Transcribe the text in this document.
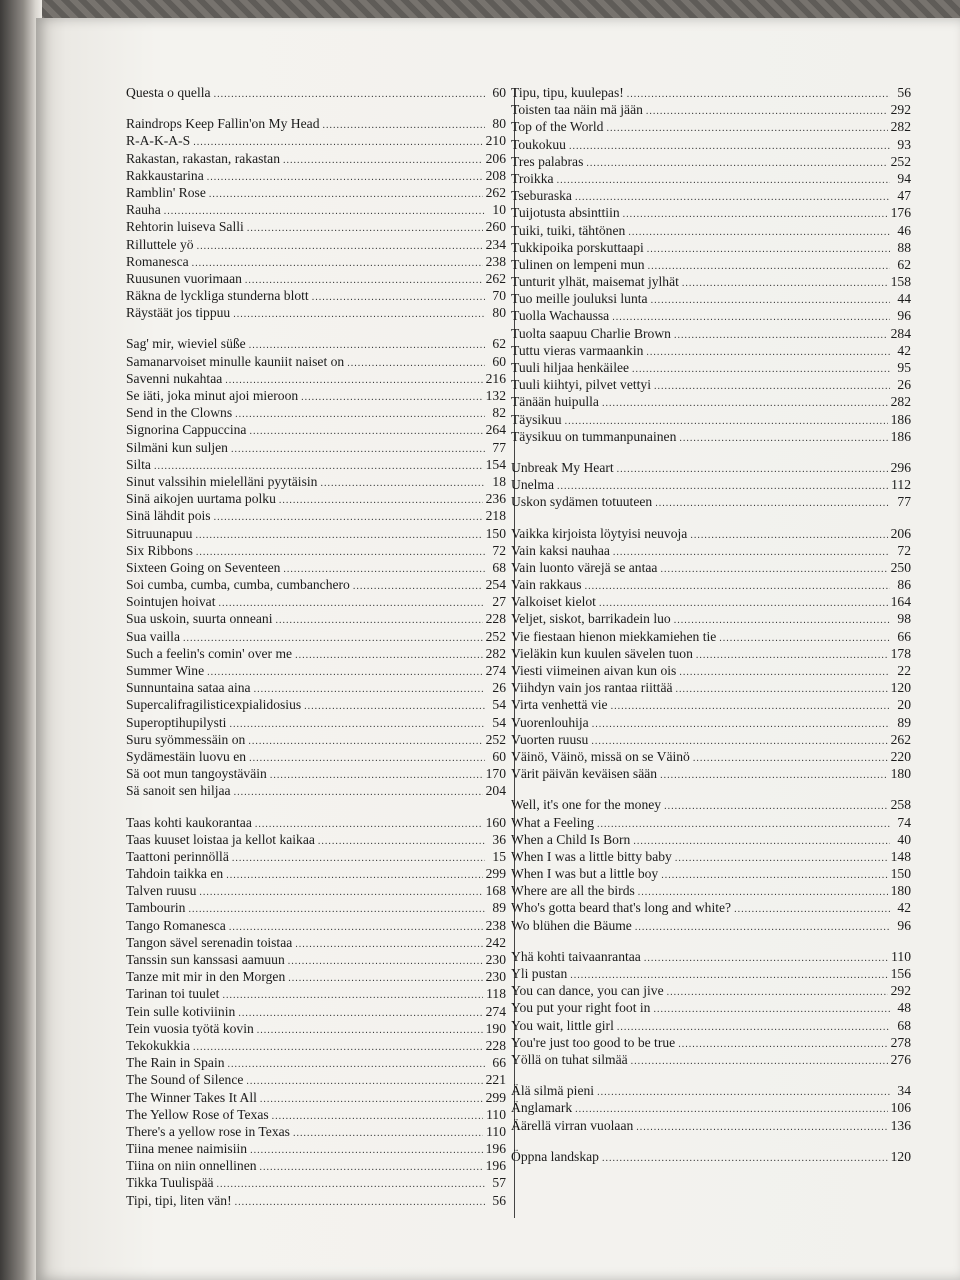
Questa o quella .....	60
Raindrops Keep Fallin'on My Head .....	80
R-A-K-A-S .....	210
Rakastan, rakastan, rakastan .....	206
Rakkaustarina .....	208
Ramblin' Rose .....	262
Rauha .....	10
Rehtorin luiseva Salli .....	260
Rilluttele yö .....	234
Romanesca .....	238
Ruusunen vuorimaan .....	262
Räkna de lyckliga stunderna blott .....	70
Räystäät jos tippuu .....	80
Sag' mir, wieviel süße .....	62
Samanarvoiset minulle kauniit naiset on .....	60
Savenni nukahtaa .....	216
Se iäti, joka minut ajoi mieroon .....	132
Send in the Clowns .....	82
Signorina Cappuccina .....	264
Silmäni kun suljen .....	77
Silta .....	154
Sinut valssihin mielelläni pyytäisin .....	18
Sinä aikojen uurtama polku .....	236
Sinä lähdit pois .....	218
Sitruunapuu .....	150
Six Ribbons .....	72
Sixteen Going on Seventeen .....	68
Soi cumba, cumba, cumba, cumbanchero .....	254
Sointujen hoivat .....	27
Sua uskoin, suurta onneani .....	228
Sua vailla .....	252
Such a feelin's comin' over me .....	282
Summer Wine .....	274
Sunnuntaina sataa aina .....	26
Supercalifragilisticexpialidosius .....	54
Superoptihupilysti .....	54
Suru syömmessäin on .....	252
Sydämestäin luovu en .....	60
Sä oot mun tangoystäväin .....	170
Sä sanoit sen hiljaa .....	204
Taas kohti kaukorantaa .....	160
Taas kuuset loistaa ja kellot kaikaa .....	36
Taattoni perinnöllä .....	15
Tahdoin taikka en .....	299
Talven ruusu .....	168
Tambourin .....	89
Tango Romanesca .....	238
Tangon sävel serenadin toistaa .....	242
Tanssin sun kanssasi aamuun .....	230
Tanze mit mir in den Morgen .....	230
Tarinan toi tuulet .....	118
Tein sulle kotiviinin .....	274
Tein vuosia työtä kovin .....	190
Tekokukkia .....	228
The Rain in Spain .....	66
The Sound of Silence .....	221
The Winner Takes It All .....	299
The Yellow Rose of Texas .....	110
There's a yellow rose in Texas .....	110
Tiina menee naimisiin .....	196
Tiina on niin onnellinen .....	196
Tikka Tuulispää .....	57
Tipi, tipi, liten vän! .....	56
Tipu, tipu, kuulepas! .....	56
Toisten taa näin mä jään .....	292
Top of the World .....	282
Toukokuu .....	93
Tres palabras .....	252
Troikka .....	94
Tseburaska .....	47
Tuijotusta absinttiin .....	176
Tuiki, tuiki, tähtönen .....	46
Tukkipoika porskuttaapi .....	88
Tulinen on lempeni mun .....	62
Tunturit ylhät, maisemat jylhät .....	158
Tuo meille jouluksi lunta .....	44
Tuolla Wachaussa .....	96
Tuolta saapuu Charlie Brown .....	284
Tuttu vieras varmaankin .....	42
Tuuli hiljaa henkäilee .....	95
Tuuli kiihtyi, pilvet vettyi .....	26
Tänään huipulla .....	282
Täysikuu .....	186
Täysikuu on tummanpunainen .....	186
Unbreak My Heart .....	296
Unelma .....	112
Uskon sydämen totuuteen .....	77
Vaikka kirjoista löytyisi neuvoja .....	206
Vain kaksi nauhaa .....	72
Vain luonto värejä se antaa .....	250
Vain rakkaus .....	86
Valkoiset kielot .....	164
Veljet, siskot, barrikadein luo .....	98
Vie fiestaan hienon miekkamiehen tie .....	66
Vieläkin kun kuulen sävelen tuon .....	178
Viesti viimeinen aivan kun ois .....	22
Viihdyn vain jos rantaa riittää .....	120
Virta venhettä vie .....	20
Vuorenlouhija .....	89
Vuorten ruusu .....	262
Väinö, Väinö, missä on se Väinö .....	220
Värit päivän keväisen sään .....	180
Well, it's one for the money .....	258
What a Feeling .....	74
When a Child Is Born .....	40
When I was a little bitty baby .....	148
When I was but a little boy .....	150
Where are all the birds .....	180
Who's gotta beard that's long and white? .....	42
Wo blühen die Bäume .....	96
Yhä kohti taivaanrantaa .....	110
Yli pustan .....	156
You can dance, you can jive .....	292
You put your right foot in .....	48
You wait, little girl .....	68
You're just too good to be true .....	278
Yöllä on tuhat silmää .....	276
Älä silmä pieni .....	34
Änglamark .....	106
Äärellä virran vuolaan .....	136
Öppna landskap .....	120
